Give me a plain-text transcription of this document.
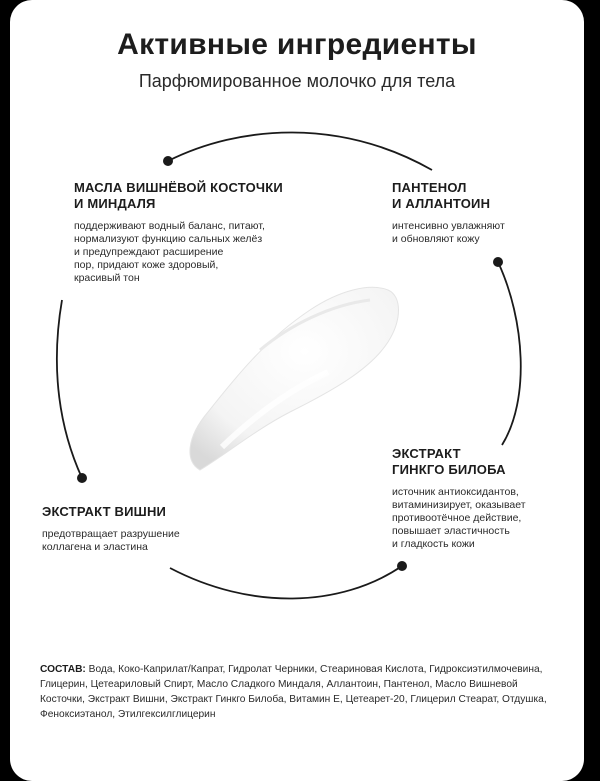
Активные ингредиенты
Парфюмированное молочко для тела
МАСЛА ВИШНЁВОЙ КОСТОЧКИ
И МИНДАЛЯ
поддерживают водный баланс, питают,
нормализуют функцию сальных желёз
и предупреждают расширение
пор, придают коже здоровый,
красивый тон
ПАНТЕНОЛ
И АЛЛАНТОИН
интенсивно увлажняют
и обновляют кожу
ЭКСТРАКТ
ГИНКГО БИЛОБА
источник антиоксидантов,
витаминизирует, оказывает
противоотёчное действие,
повышает эластичность
и гладкость кожи
ЭКСТРАКТ ВИШНИ
предотвращает разрушение
коллагена и эластина
СОСТАВ: Вода, Коко-Каприлат/Капрат, Гидролат Черники, Стеариновая Кислота, Гидроксиэтилмочевина, Глицерин, Цетеариловый Спирт, Масло Сладкого Миндаля, Аллантоин, Пантенол, Масло Вишневой Косточки, Экстракт Вишни, Экстракт Гинкго Билоба, Витамин Е, Цетеарет-20, Глицерил Стеарат, Отдушка, Феноксиэтанол, Этилгексилглицерин
